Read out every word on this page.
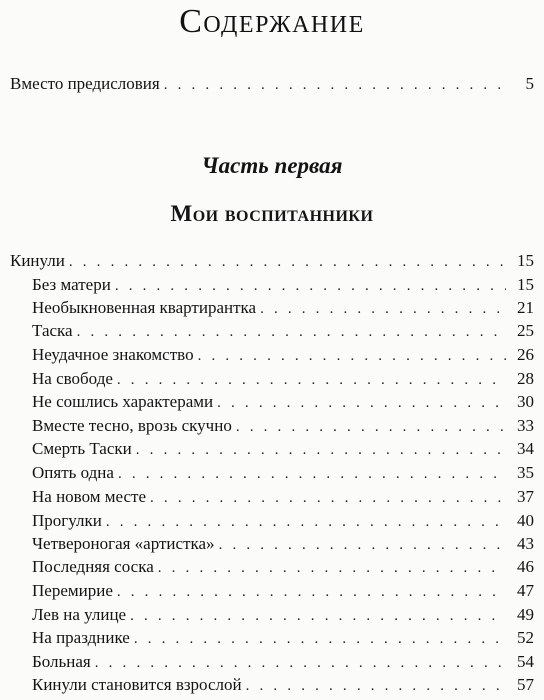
Содержание
Вместо предисловия . . .	5
Часть первая
Мои воспитанники
Кинули . . .	15
Без матери . . .	15
Необыкновенная квартирантка . . .	21
Таска . . .	25
Неудачное знакомство . . .	26
На свободе . . .	28
Не сошлись характерами . . .	30
Вместе тесно, врозь скучно . . .	33
Смерть Таски . . .	34
Опять одна . . .	35
На новом месте . . .	37
Прогулки . . .	40
Четвероногая «артистка» . . .	43
Последняя соска . . .	46
Перемирие . . .	47
Лев на улице . . .	49
На празднике . . .	52
Больная . . .	54
Кинули становится взрослой . . .	57
